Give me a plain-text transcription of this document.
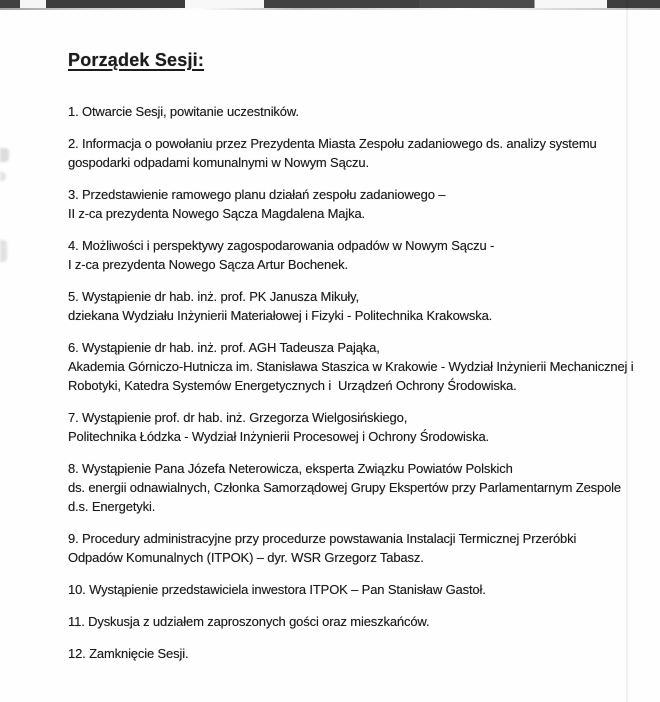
Porządek Sesji:

1. Otwarcie Sesji, powitanie uczestników.

2. Informacja o powołaniu przez Prezydenta Miasta Zespołu zadaniowego ds. analizy systemu
gospodarki odpadami komunalnymi w Nowym Sączu.

3. Przedstawienie ramowego planu działań zespołu zadaniowego –
II z-ca prezydenta Nowego Sącza Magdalena Majka.

4. Możliwości i perspektywy zagospodarowania odpadów w Nowym Sączu -
I z-ca prezydenta Nowego Sącza Artur Bochenek.

5. Wystąpienie dr hab. inż. prof. PK Janusza Mikuły,
dziekana Wydziału Inżynierii Materiałowej i Fizyki - Politechnika Krakowska.

6. Wystąpienie dr hab. inż. prof. AGH Tadeusza Pająka,
Akademia Górniczo-Hutnicza im. Stanisława Staszica w Krakowie - Wydział Inżynierii Mechanicznej i
Robotyki, Katedra Systemów Energetycznych i  Urządzeń Ochrony Środowiska.

7. Wystąpienie prof. dr hab. inż. Grzegorza Wielgosińskiego,
Politechnika Łódzka - Wydział Inżynierii Procesowej i Ochrony Środowiska.

8. Wystąpienie Pana Józefa Neterowicza, eksperta Związku Powiatów Polskich
ds. energii odnawialnych, Członka Samorządowej Grupy Ekspertów przy Parlamentarnym Zespole
d.s. Energetyki.

9. Procedury administracyjne przy procedurze powstawania Instalacji Termicznej Przeróbki
Odpadów Komunalnych (ITPOK) – dyr. WSR Grzegorz Tabasz.

10. Wystąpienie przedstawiciela inwestora ITPOK – Pan Stanisław Gastoł.

11. Dyskusja z udziałem zaproszonych gości oraz mieszkańców.

12. Zamknięcie Sesji.
